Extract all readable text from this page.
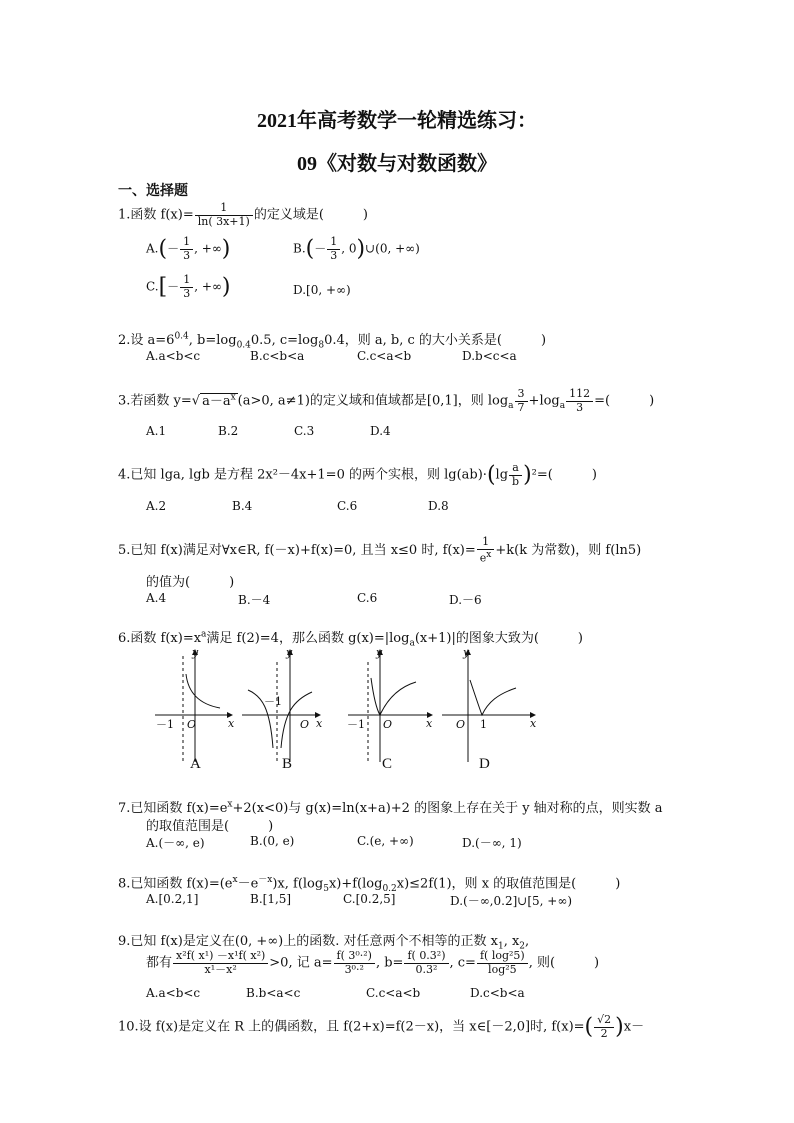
2021年高考数学一轮精选练习：
09《对数与对数函数》
一、选择题
1.函数 $f(x)= \frac{1}{\ln( 3x+1)}$ 的定义域是(　　　)
$A.(- \frac{1}{3}$ , +∞)	$B.(- \frac{1}{3}$ , 0)∪(0, +∞)
$C.[- \frac{1}{3}$ , +∞)	D.[0, +∞)
2.设 $a=6^{0.4}$, $b=\log_{0.4}0.5$, $c=\log_80.4$，则 a, b, c 的大小关系是(　　　)
A.a<b<c	B.c<b<a	C.c<a<b	D.b<c<a
3.若函数 y=√ $a-a^x$ (a>0, a≠1)的定义域和值域都是[0,1]，则 $\log_a \frac{3}{7} +\log_a \frac{112}{3}$ =(　　　)
A.1	B.2	C.3	D.4
4.已知 lga, lgb 是方程 2x²－4x+1=0 的两个实根，则 $\lg(ab)\cdot(\lg \frac{a}{b} )^2=$(　　　)
A.2	B.4	C.6	D.8
5.已知 f(x)满足对∀x∈R, f(－x)+f(x)=0, 且当 x≤0 时, $f(x)= \frac{1}{e^x} +k(k$ 为常数)，则 f(ln5)
的值为(　　　)
A.4	B.－4	C.6	D.－6
6.函数 $f(x)=x^a$满足 f(2)=4，那么函数 $g(x)=|\log_a(x+1)|$的图象大致为(　　　)
y
x
O
－1
y
x
O
－1
y
x
O
－1
y
x
O 1
A	B	C	D
7.已知函数 $f(x)=e^x+2(x<0)$与 g(x)=ln(x+a)+2 的图象上存在关于 y 轴对称的点，则实数 a
的取值范围是(　　　)
A.(－∞, e)	B.(0, e)	C.(e, +∞)	D.(－∞, 1)
8.已知函数 $f(x)=(e^x-e^{-x})x$, $f(\log_5x)+f(\log_{0.2}x)\le 2f(1)$，则 x 的取值范围是(　　　)
A.[0.2,1]	B.[1,5]	C.[0.2,5]	D.(－∞,0.2]∪[5, +∞)
9.已知 f(x)是定义在(0, +∞)上的函数. 对任意两个不相等的正数 $x_1$, $x_2$,
都有 $\frac{\text{x²f( x¹) －x¹f( x²)}}{\text{x¹－x²}} >0$, 记 $a= \frac{\text{f( 3⁰·²)}}{\text{3⁰·²}}$ , $b= \frac{\text{f( 0.3²)}}{\text{0.3²}}$ , $c= \frac{\text{f( log²5)}}{\text{log²5}}$ , 则(　　　)
A.a<b<c	B.b<a<c	C.c<a<b	D.c<b<a
10.设 f(x)是定义在 R 上的偶函数，且 f(2+x)=f(2－x)，当 x∈[－2,0]时, $f(x)=( \frac{√2}{2} )x-$
